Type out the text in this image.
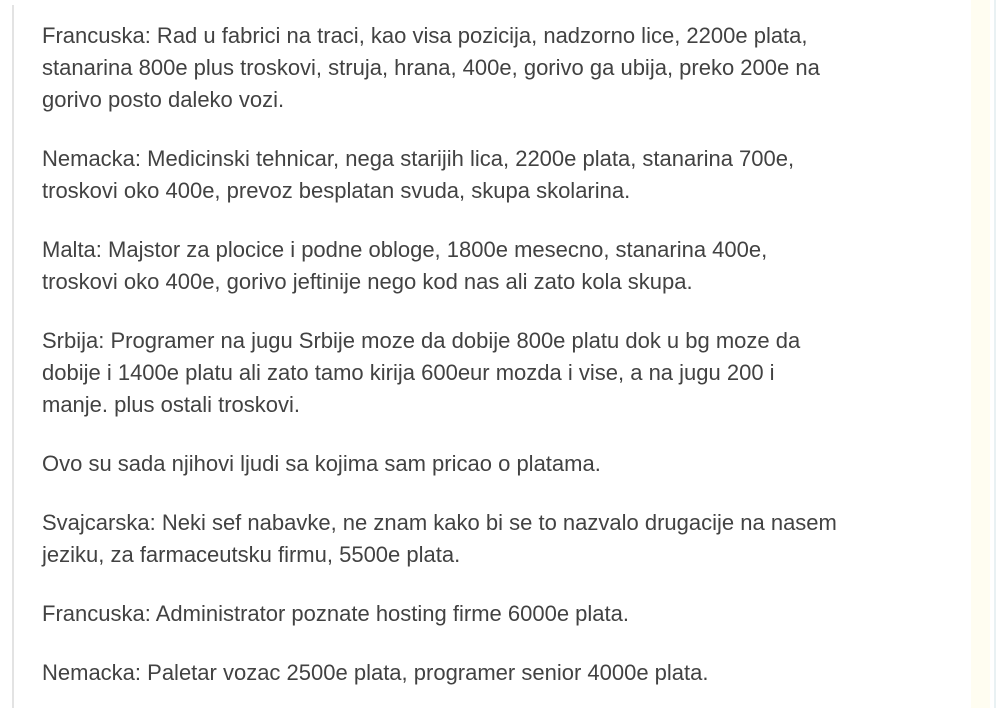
Francuska: Rad u fabrici na traci, kao visa pozicija, nadzorno lice, 2200e plata, stanarina 800e plus troskovi, struja, hrana, 400e, gorivo ga ubija, preko 200e na gorivo posto daleko vozi.

Nemacka: Medicinski tehnicar, nega starijih lica, 2200e plata, stanarina 700e, troskovi oko 400e, prevoz besplatan svuda, skupa skolarina.

Malta: Majstor za plocice i podne obloge, 1800e mesecno, stanarina 400e, troskovi oko 400e, gorivo jeftinije nego kod nas ali zato kola skupa.

Srbija: Programer na jugu Srbije moze da dobije 800e platu dok u bg moze da dobije i 1400e platu ali zato tamo kirija 600eur mozda i vise, a na jugu 200 i manje. plus ostali troskovi.

Ovo su sada njihovi ljudi sa kojima sam pricao o platama.

Svajcarska: Neki sef nabavke, ne znam kako bi se to nazvalo drugacije na nasem jeziku, za farmaceutsku firmu, 5500e plata.

Francuska: Administrator poznate hosting firme 6000e plata.

Nemacka: Paletar vozac 2500e plata, programer senior 4000e plata.
